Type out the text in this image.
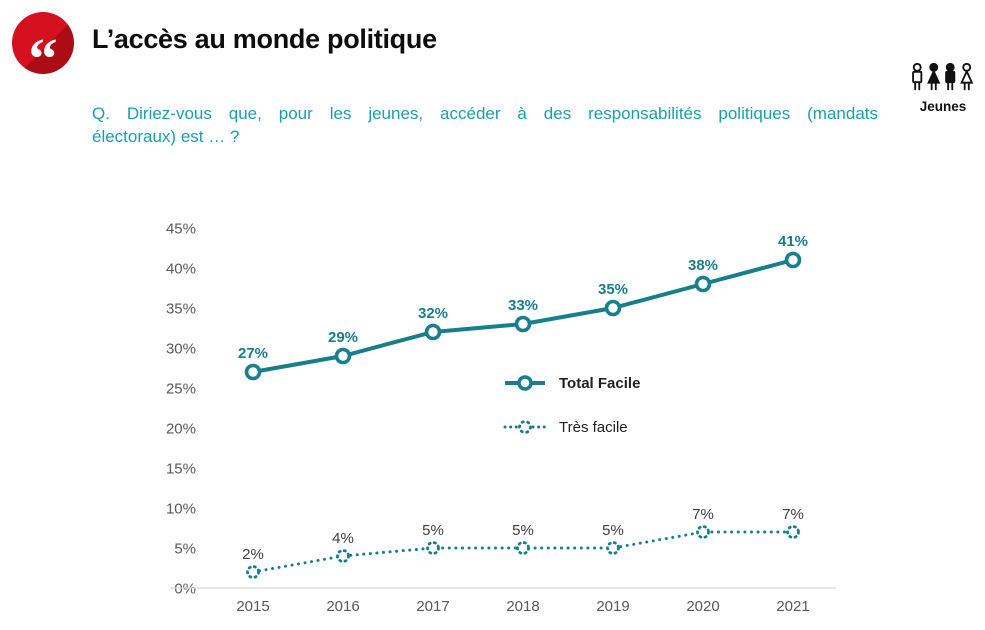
0%
5%
10%
15%
20%
25%
30%
35%
40%
45%
2015	2016	2017	2018	2019	2020	2021
27%
29%
32%	33%
35%
38%
41%
2%
4%	5%	5%	5%
7%	7%
“ L’accès au monde politique
Q. Diriez-vous que, pour les jeunes, accéder à des responsabilités politiques (mandats
électoraux) est … ?
Jeunes
Total Facile
Très facile
